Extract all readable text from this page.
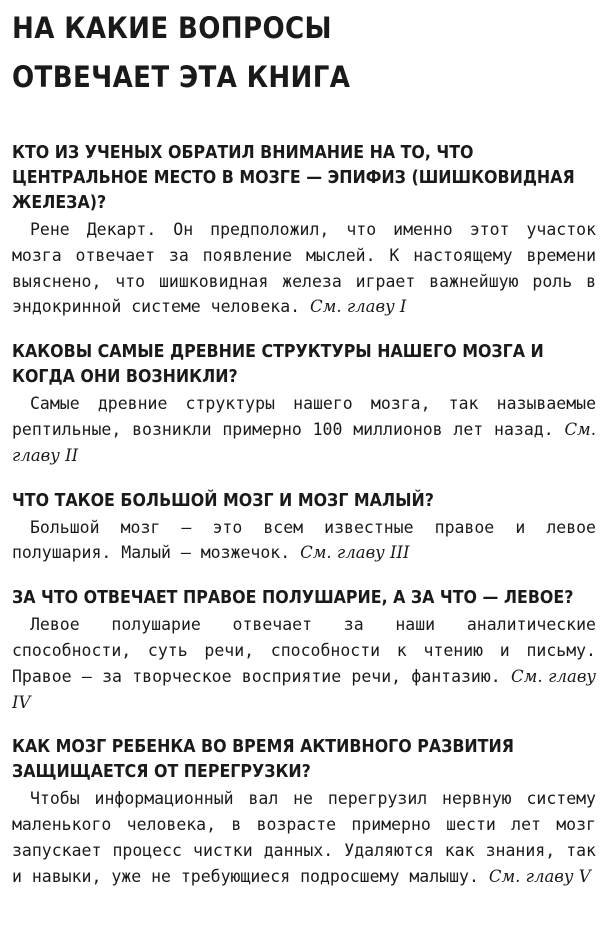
НА КАКИЕ ВОПРОСЫ
ОТВЕЧАЕТ ЭТА КНИГА
КТО ИЗ УЧЕНЫХ ОБРАТИЛ ВНИМАНИЕ НА ТО, ЧТО ЦЕНТРАЛЬНОЕ МЕСТО В МОЗГЕ — ЭПИФИЗ (ШИШКОВИДНАЯ ЖЕЛЕЗА)?

Рене Декарт. Он предположил, что именно этот участок мозга отвечает за появление мыслей. К настоящему времени выяснено, что шишковидная железа играет важнейшую роль в эндокринной системе человека. См. главу I

КАКОВЫ САМЫЕ ДРЕВНИЕ СТРУКТУРЫ НАШЕГО МОЗГА И КОГДА ОНИ ВОЗНИКЛИ?

Самые древние структуры нашего мозга, так называемые рептильные, возникли примерно 100 миллионов лет назад. См. главу II

ЧТО ТАКОЕ БОЛЬШОЙ МОЗГ И МОЗГ МАЛЫЙ?

Большой мозг — это всем известные правое и левое полушария. Малый — мозжечок. См. главу III

ЗА ЧТО ОТВЕЧАЕТ ПРАВОЕ ПОЛУШАРИЕ, А ЗА ЧТО — ЛЕВОЕ?

Левое полушарие отвечает за наши аналитические способности, суть речи, способности к чтению и письму. Правое — за творческое восприятие речи, фантазию. См. главу IV

КАК МОЗГ РЕБЕНКА ВО ВРЕМЯ АКТИВНОГО РАЗВИТИЯ ЗАЩИЩАЕТСЯ ОТ ПЕРЕГРУЗКИ?

Чтобы информационный вал не перегрузил нервную систему маленького человека, в возрасте примерно шести лет мозг запускает процесс чистки данных. Удаляются как знания, так и навыки, уже не требующиеся подросшему малышу. См. главу V
